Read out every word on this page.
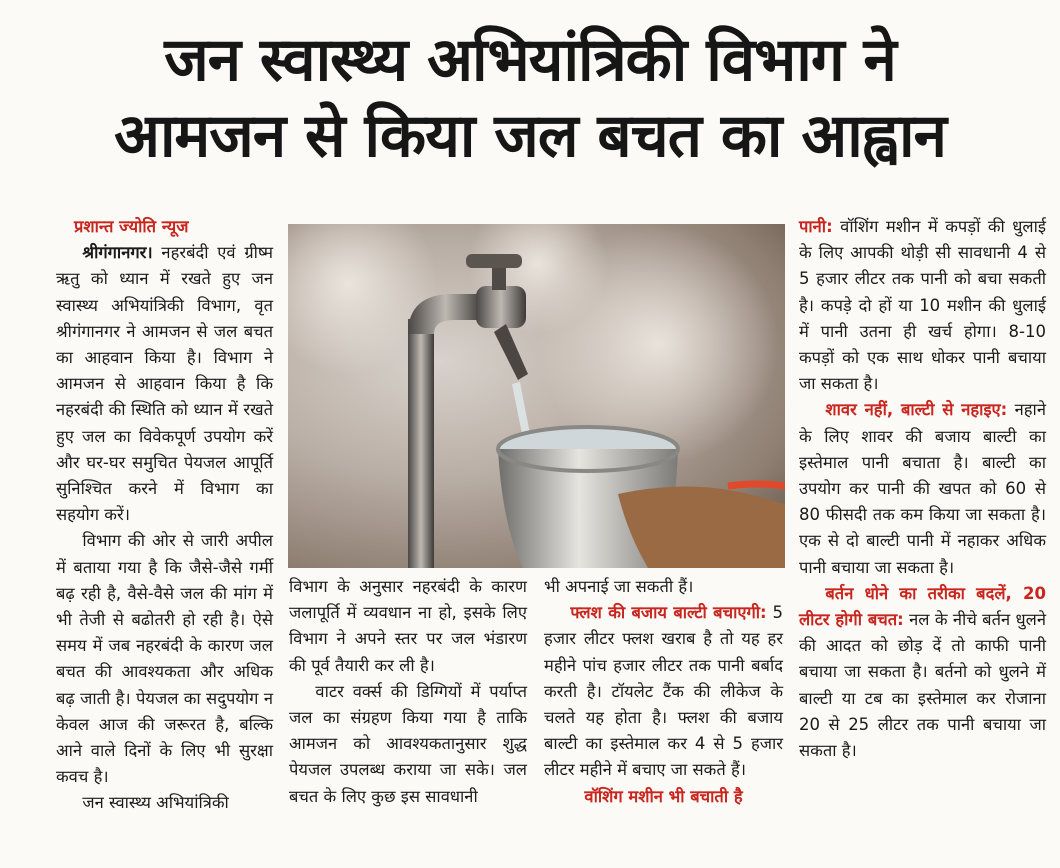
जन स्वास्थ्य अभियांत्रिकी विभाग ने
आमजन से किया जल बचत का आह्वान

प्रशान्त ज्योति न्यूज

श्रीगंगानगर। नहरबंदी एवं ग्रीष्म ऋतु को ध्यान में रखते हुए जन स्वास्थ्य अभियांत्रिकी विभाग, वृत श्रीगंगानगर ने आमजन से जल बचत का आहवान किया है। विभाग ने आमजन से आहवान किया है कि नहरबंदी की स्थिति को ध्यान में रखते हुए जल का विवेकपूर्ण उपयोग करें और घर-घर समुचित पेयजल आपूर्ति सुनिश्चित करने में विभाग का सहयोग करें।

विभाग की ओर से जारी अपील में बताया गया है कि जैसे-जैसे गर्मी बढ़ रही है, वैसे-वैसे जल की मांग में भी तेजी से बढोतरी हो रही है। ऐसे समय में जब नहरबंदी के कारण जल बचत की आवश्यकता और अधिक बढ़ जाती है। पेयजल का सदुपयोग न केवल आज की जरूरत है, बल्कि आने वाले दिनों के लिए भी सुरक्षा कवच है।

जन स्वास्थ्य अभियांत्रिकी

विभाग के अनुसार नहरबंदी के कारण जलापूर्ति में व्यवधान ना हो, इसके लिए विभाग ने अपने स्तर पर जल भंडारण की पूर्व तैयारी कर ली है।

वाटर वर्क्स की डिग्गियों में पर्याप्त जल का संग्रहण किया गया है ताकि आमजन को आवश्यकतानुसार शुद्ध पेयजल उपलब्ध कराया जा सके। जल बचत के लिए कुछ इस सावधानी

भी अपनाई जा सकती हैं।

फ्लश की बजाय बाल्टी बचाएगी: 5 हजार लीटर फ्लश खराब है तो यह हर महीने पांच हजार लीटर तक पानी बर्बाद करती है। टॉयलेट टैंक की लीकेज के चलते यह होता है। फ्लश की बजाय बाल्टी का इस्तेमाल कर 4 से 5 हजार लीटर महीने में बचाए जा सकते हैं।

वॉशिंग मशीन भी बचाती है

पानी: वॉशिंग मशीन में कपड़ों की धुलाई के लिए आपकी थोड़ी सी सावधानी 4 से 5 हजार लीटर तक पानी को बचा सकती है। कपड़े दो हों या 10 मशीन की धुलाई में पानी उतना ही खर्च होगा। 8-10 कपड़ों को एक साथ धोकर पानी बचाया जा सकता है।

शावर नहीं, बाल्टी से नहाइए: नहाने के लिए शावर की बजाय बाल्टी का इस्तेमाल पानी बचाता है। बाल्टी का उपयोग कर पानी की खपत को 60 से 80 फीसदी तक कम किया जा सकता है। एक से दो बाल्टी पानी में नहाकर अधिक पानी बचाया जा सकता है।

बर्तन धोने का तरीका बदलें, 20 लीटर होगी बचत: नल के नीचे बर्तन धुलने की आदत को छोड़ दें तो काफी पानी बचाया जा सकता है। बर्तनो को धुलने में बाल्टी या टब का इस्तेमाल कर रोजाना 20 से 25 लीटर तक पानी बचाया जा सकता है।
